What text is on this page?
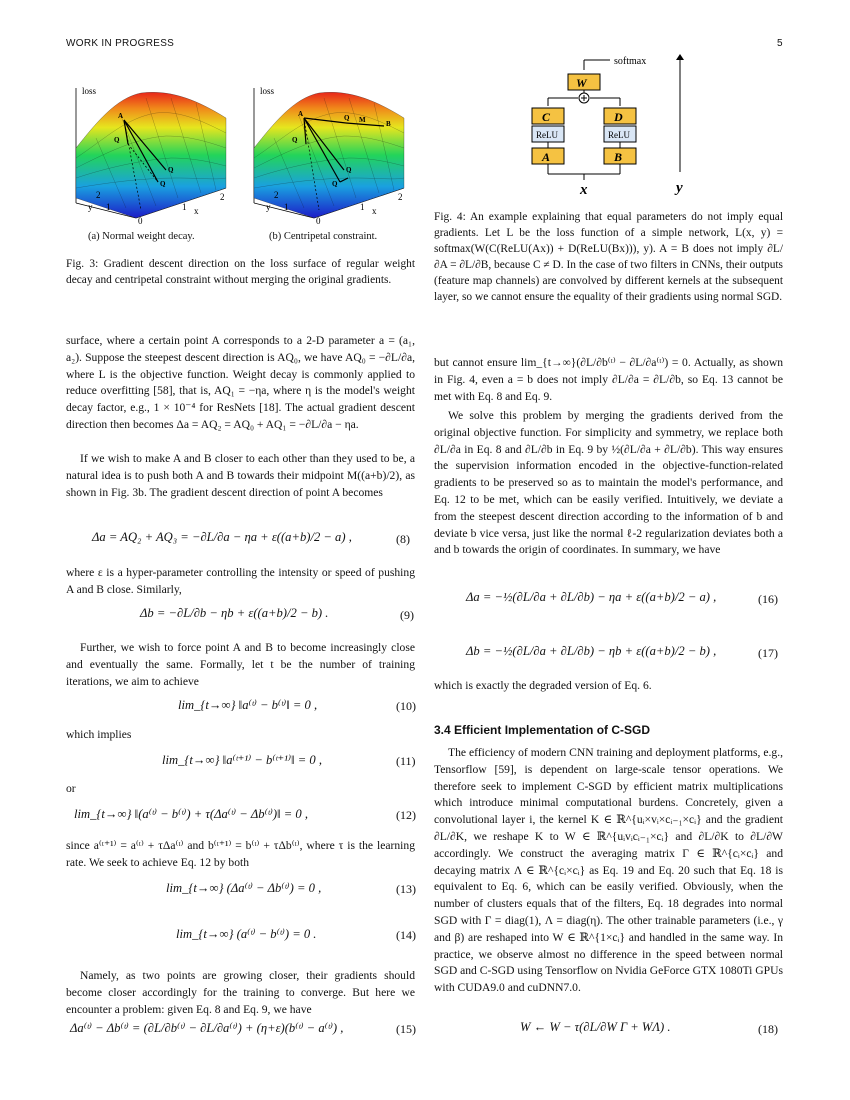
WORK IN PROGRESS	5
A
Q
Q
Q
loss
2
y 1
0
1 x
2
A	Q M	B
Q
Q
Q
loss
2
y 1
0
1 x
2
(a) Normal weight decay.	(b) Centripetal constraint.
Fig. 3: Gradient descent direction on the loss surface of regular weight decay and centripetal constraint without merging the original gradients.
W
C	D
ReLU	ReLU
A	B
softmax
x	y
Fig. 4: An example explaining that equal parameters do not imply equal gradients. Let L be the loss function of a simple network, L(x, y) = softmax(W(C(ReLU(Ax)) + D(ReLU(Bx))), y). A = B does not imply ∂L/∂A = ∂L/∂B, because C ≠ D. In the case of two filters in CNNs, their outputs (feature map channels) are convolved by different kernels at the subsequent layer, so we cannot ensure the equality of their gradients using normal SGD.
surface, where a certain point A corresponds to a 2-D parameter a = (a₁, a₂). Suppose the steepest descent direction is AQ₀, we have AQ₀ = −∂L/∂a, where L is the objective function. Weight decay is commonly applied to reduce overfitting [58], that is, AQ₁ = −ηa, where η is the model's weight decay factor, e.g., 1 × 10⁻⁴ for ResNets [18]. The actual gradient descent direction then becomes Δa = AQ₂ = AQ₀ + AQ₁ = −∂L/∂a − ηa.
If we wish to make A and B closer to each other than they used to be, a natural idea is to push both A and B towards their midpoint M((a+b)/2), as shown in Fig. 3b. The gradient descent direction of point A becomes
Δa = AQ₂ + AQ₃ = −∂L/∂a − ηa + ε((a+b)/2 − a) ,	(8)
where ε is a hyper-parameter controlling the intensity or speed of pushing A and B close. Similarly,
Δb = −∂L/∂b − ηb + ε((a+b)/2 − b) .	(9)
Further, we wish to force point A and B to become increasingly close and eventually the same. Formally, let t be the number of training iterations, we aim to achieve
lim_{t→∞} ‖a⁽ᵗ⁾ − b⁽ᵗ⁾‖ = 0 ,	(10)
which implies
lim_{t→∞} ‖a⁽ᵗ⁺¹⁾ − b⁽ᵗ⁺¹⁾‖ = 0 ,	(11)
or
lim_{t→∞} ‖(a⁽ᵗ⁾ − b⁽ᵗ⁾) + τ(Δa⁽ᵗ⁾ − Δb⁽ᵗ⁾)‖ = 0 ,	(12)
since a⁽ᵗ⁺¹⁾ = a⁽ᵗ⁾ + τΔa⁽ᵗ⁾ and b⁽ᵗ⁺¹⁾ = b⁽ᵗ⁾ + τΔb⁽ᵗ⁾, where τ is the learning rate. We seek to achieve Eq. 12 by both
lim_{t→∞} (Δa⁽ᵗ⁾ − Δb⁽ᵗ⁾) = 0 ,	(13)
lim_{t→∞} (a⁽ᵗ⁾ − b⁽ᵗ⁾) = 0 .	(14)
Namely, as two points are growing closer, their gradients should become closer accordingly for the training to converge. But here we encounter a problem: given Eq. 8 and Eq. 9, we have
Δa⁽ᵗ⁾ − Δb⁽ᵗ⁾ = (∂L/∂b⁽ᵗ⁾ − ∂L/∂a⁽ᵗ⁾) + (η+ε)(b⁽ᵗ⁾ − a⁽ᵗ⁾) ,	(15)
but cannot ensure lim_{t→∞}(∂L/∂b⁽ᵗ⁾ − ∂L/∂a⁽ᵗ⁾) = 0. Actually, as shown in Fig. 4, even a = b does not imply ∂L/∂a = ∂L/∂b, so Eq. 13 cannot be met with Eq. 8 and Eq. 9.
We solve this problem by merging the gradients derived from the original objective function. For simplicity and symmetry, we replace both ∂L/∂a in Eq. 8 and ∂L/∂b in Eq. 9 by ½(∂L/∂a + ∂L/∂b). This way ensures the supervision information encoded in the objective-function-related gradients to be preserved so as to maintain the model's performance, and Eq. 12 to be met, which can be easily verified. Intuitively, we deviate a from the steepest descent direction according to the information of b and deviate b vice versa, just like the normal ℓ-2 regularization deviates both a and b towards the origin of coordinates. In summary, we have
Δa = −½(∂L/∂a + ∂L/∂b) − ηa + ε((a+b)/2 − a) ,	(16)
Δb = −½(∂L/∂a + ∂L/∂b) − ηb + ε((a+b)/2 − b) ,	(17)
which is exactly the degraded version of Eq. 6.
3.4 Efficient Implementation of C-SGD
The efficiency of modern CNN training and deployment platforms, e.g., Tensorflow [59], is dependent on large-scale tensor operations. We therefore seek to implement C-SGD by efficient matrix multiplications which introduce minimal computational burdens. Concretely, given a convolutional layer i, the kernel K ∈ ℝ^{uᵢ×vᵢ×cᵢ₋₁×cᵢ} and the gradient ∂L/∂K, we reshape K to W ∈ ℝ^{uᵢvᵢcᵢ₋₁×cᵢ} and ∂L/∂K to ∂L/∂W accordingly. We construct the averaging matrix Γ ∈ ℝ^{cᵢ×cᵢ} and decaying matrix Λ ∈ ℝ^{cᵢ×cᵢ} as Eq. 19 and Eq. 20 such that Eq. 18 is equivalent to Eq. 6, which can be easily verified. Obviously, when the number of clusters equals that of the filters, Eq. 18 degrades into normal SGD with Γ = diag(1), Λ = diag(η). The other trainable parameters (i.e., γ and β) are reshaped into W ∈ ℝ^{1×cᵢ} and handled in the same way. In practice, we observe almost no difference in the speed between normal SGD and C-SGD using Tensorflow on Nvidia GeForce GTX 1080Ti GPUs with CUDA9.0 and cuDNN7.0.
W ← W − τ(∂L/∂W Γ + WΛ) .	(18)
